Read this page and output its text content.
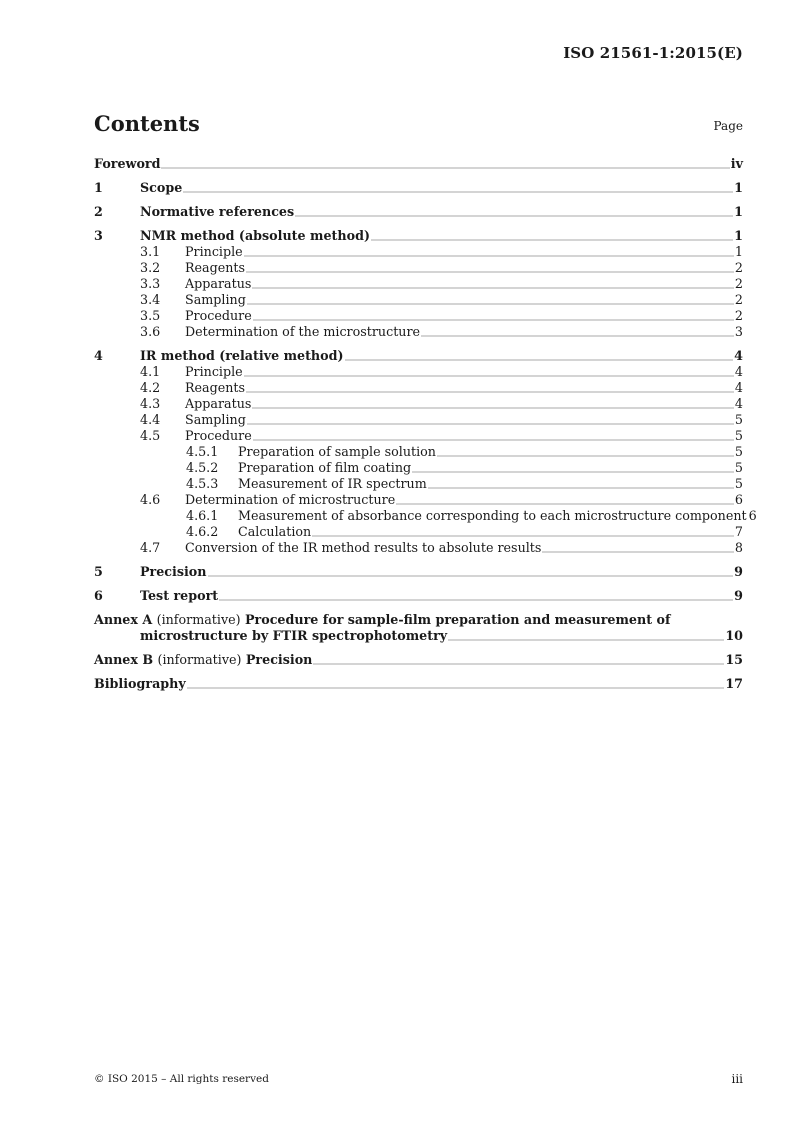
ISO 21561-1:2015(E)
Contents	Page
Foreword	iv
1	Scope	1
2	Normative references	1
3	NMR method (absolute method)	1
3.1	Principle	1
3.2	Reagents	2
3.3	Apparatus	2
3.4	Sampling	2
3.5	Procedure	2
3.6	Determination of the microstructure	3
4	IR method (relative method)	4
4.1	Principle	4
4.2	Reagents	4
4.3	Apparatus	4
4.4	Sampling	5
4.5	Procedure	5
4.5.1	Preparation of sample solution	5
4.5.2	Preparation of film coating	5
4.5.3	Measurement of IR spectrum	5
4.6	Determination of microstructure	6
4.6.1	Measurement of absorbance corresponding to each microstructure component 6
4.6.2	Calculation	7
4.7	Conversion of the IR method results to absolute results	8
5	Precision	9
6	Test report	9
Annex A (informative) Procedure for sample-film preparation and measurement of
microstructure by FTIR spectrophotometry	10
Annex B (informative) Precision	15
Bibliography	17
© ISO 2015 – All rights reserved	iii
